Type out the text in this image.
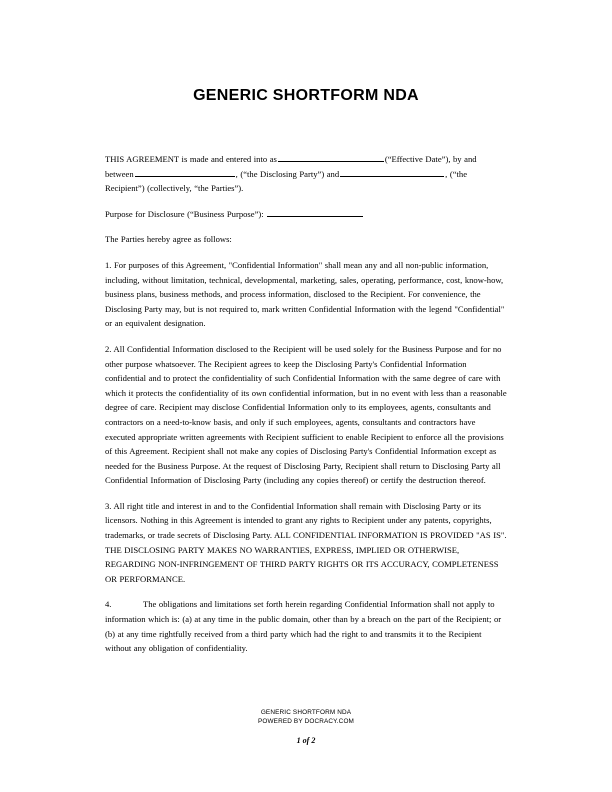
GENERIC SHORTFORM NDA

THIS AGREEMENT is made and entered into as	(“Effective Date”), by and between	, (“the Disclosing Party”) and	, (“the Recipient”) (collectively, “the Parties”).

Purpose for Disclosure (“Business Purpose”):

The Parties hereby agree as follows:

1. For purposes of this Agreement, "Confidential Information" shall mean any and all non-public information, including, without limitation, technical, developmental, marketing, sales, operating, performance, cost, know-how, business plans, business methods, and process information, disclosed to the Recipient. For convenience, the Disclosing Party may, but is not required to, mark written Confidential Information with the legend "Confidential" or an equivalent designation.

2. All Confidential Information disclosed to the Recipient will be used solely for the Business Purpose and for no other purpose whatsoever. The Recipient agrees to keep the Disclosing Party's Confidential Information confidential and to protect the confidentiality of such Confidential Information with the same degree of care with which it protects the confidentiality of its own confidential information, but in no event with less than a reasonable degree of care. Recipient may disclose Confidential Information only to its employees, agents, consultants and contractors on a need-to-know basis, and only if such employees, agents, consultants and contractors have executed appropriate written agreements with Recipient sufficient to enable Recipient to enforce all the provisions of this Agreement. Recipient shall not make any copies of Disclosing Party's Confidential Information except as needed for the Business Purpose. At the request of Disclosing Party, Recipient shall return to Disclosing Party all Confidential Information of Disclosing Party (including any copies thereof) or certify the destruction thereof.

3. All right title and interest in and to the Confidential Information shall remain with Disclosing Party or its licensors. Nothing in this Agreement is intended to grant any rights to Recipient under any patents, copyrights, trademarks, or trade secrets of Disclosing Party. ALL CONFIDENTIAL INFORMATION IS PROVIDED "AS IS". THE DISCLOSING PARTY MAKES NO WARRANTIES, EXPRESS, IMPLIED OR OTHERWISE, REGARDING NON-INFRINGEMENT OF THIRD PARTY RIGHTS OR ITS ACCURACY, COMPLETENESS OR PERFORMANCE.

4.	The obligations and limitations set forth herein regarding Confidential Information shall not apply to information which is: (a) at any time in the public domain, other than by a breach on the part of the Recipient; or (b) at any time rightfully received from a third party which had the right to and transmits it to the Recipient without any obligation of confidentiality.

GENERIC SHORTFORM NDA
POWERED BY DOCRACY.COM
1 of 2
